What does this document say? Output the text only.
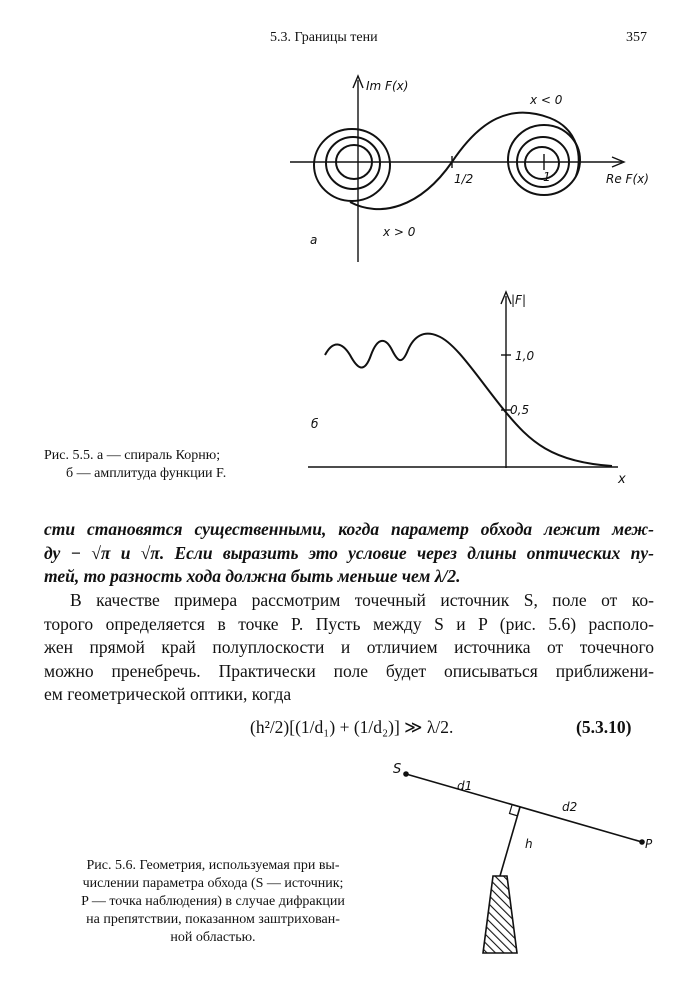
5.3. Границы тени	357
Im F(x)
Re F(x)
1/2	1
x < 0
x > 0
а
|F|
1,0
0,5
x
б
S
P
d1
d2
h
Рис. 5.5. а — спираль Корню;
б — амплитуда функции F.
сти становятся существенными, когда параметр обхода лежит меж-
ду − √π и √π. Если выразить это условие через длины оптических пу-
тей, то разность хода должна быть меньше чем λ/2.
В качестве примера рассмотрим точечный источник S, поле от ко-
торого определяется в точке P. Пусть между S и P (рис. 5.6) располо-
жен прямой край полуплоскости и отличием источника от точечного
можно пренебречь. Практически поле будет описываться приближени-
ем геометрической оптики, когда
(h²/2)[(1/d₁) + (1/d₂)] ≫ λ/2.	(5.3.10)
Рис. 5.6. Геометрия, используемая при вы-
числении параметра обхода (S — источник;
P — точка наблюдения) в случае дифракции
на препятствии, показанном заштрихован-
ной областью.
